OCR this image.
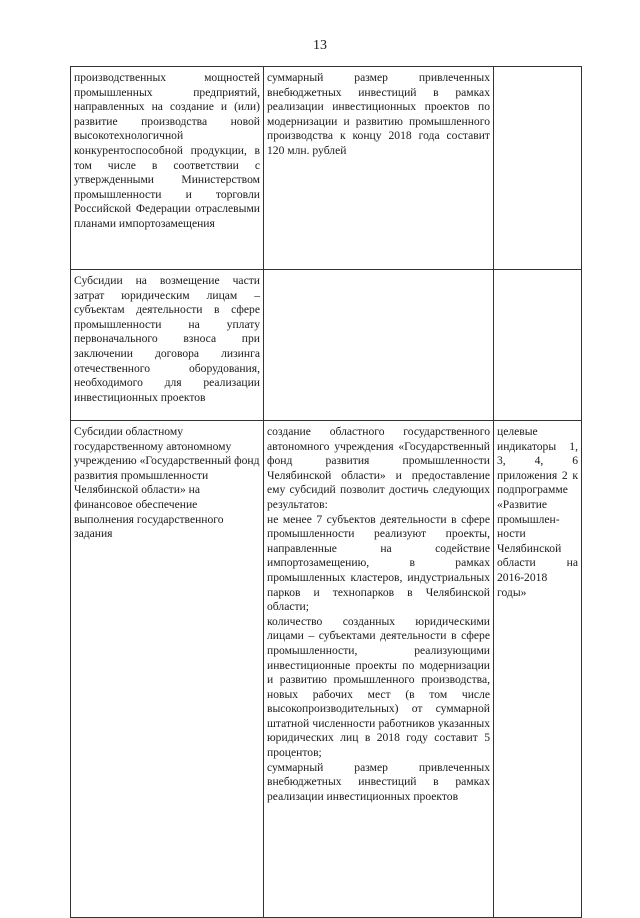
13
производственных мощностей промышленных предприятий, направленных на создание и (или) развитие производства новой высокотехнологичной конкурентоспособной продукции, в том числе в соответствии с утвержденными Министерством промышленности и торговли Российской Федерации отраслевыми планами импортозамещения	суммарный размер привлеченных внебюджетных инвестиций в рамках реализации инвестиционных проектов по модернизации и развитию промышленного производства к концу 2018 года составит 120 млн. рублей	

Субсидии на возмещение части затрат юридическим лицам – субъектам деятельности в сфере промышленности на уплату первоначального взноса при заключении договора лизинга отечественного оборудования, необходимого для реализации инвестиционных проектов		

Субсидии областному государственному автономному учреждению «Государственный фонд развития промышленности Челябинской области» на финансовое обеспечение выполнения государственного задания	создание областного государственного автономного учреждения «Государственный фонд развития промышленности Челябинской области» и предоставление ему субсидий позволит достичь следующих результатов:
не менее 7 субъектов деятельности в сфере промышленности реализуют проекты, направленные на содействие импортозамещению, в рамках промышленных кластеров, индустриальных парков и технопарков в Челябинской области;
количество созданных юридическими лицами – субъектами деятельности в сфере промышленности, реализующими инвестиционные проекты по модернизации и развитию промышленного производства, новых рабочих мест (в том числе высокопроизводительных) от суммарной штатной численности работников указанных юридических лиц в 2018 году составит 5 процентов;
суммарный размер привлеченных внебюджетных инвестиций в рамках реализации инвестиционных проектов	целевые индикаторы 1, 3, 4, 6 приложения 2 к подпрограмме «Развитие промышлен-ности Челябинской области на 2016-2018 годы»
